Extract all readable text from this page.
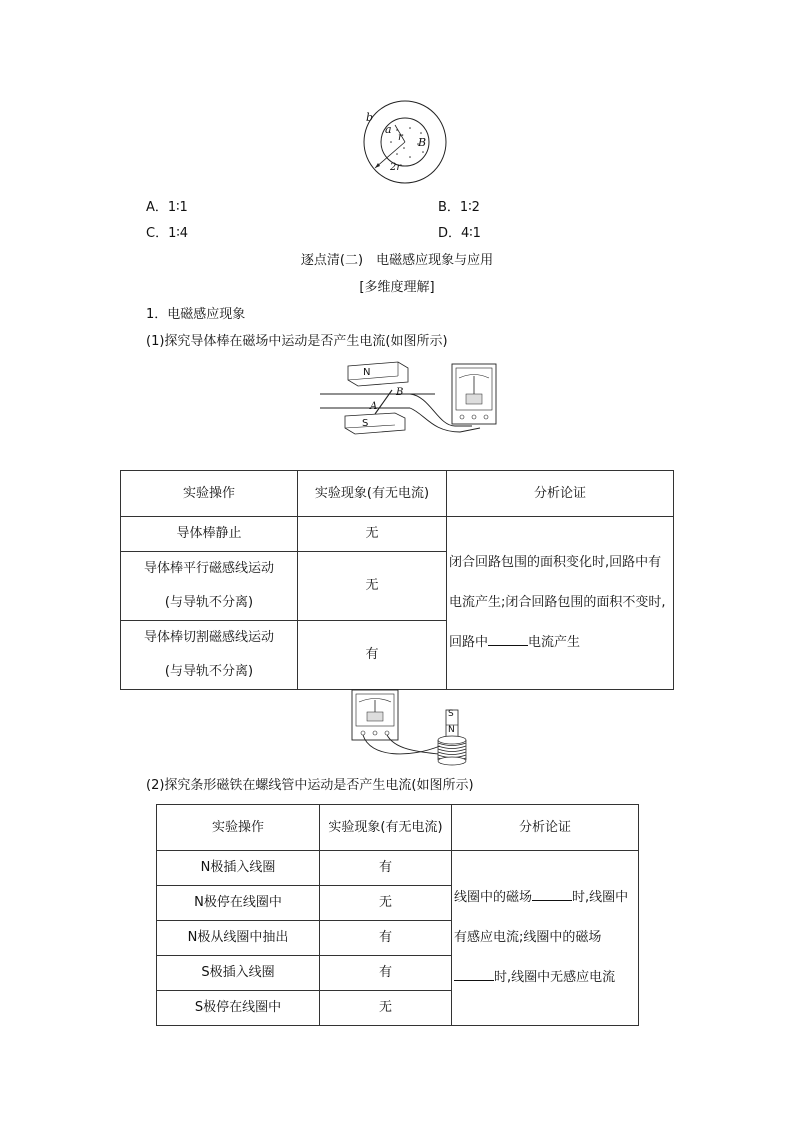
b
a
r B
2r
A．1∶1	B．1∶2
C．1∶4	D．4∶1
逐点清(二)　电磁感应现象与应用
[多维度理解]
1．电磁感应现象
(1)探究导体棒在磁场中运动是否产生电流(如图所示)
N
S
A
B
实验操作	实验现象(有无电流)	分析论证
导体棒静止	无	闭合回路包围的面积变化时,回路中有电流产生;闭合回路包围的面积不变时,回路中 电流产生

导体棒平行磁感线运动
(与导轨不分离)	无	

导体棒切割磁感线运动
(与导轨不分离)	有	
S
N
(2)探究条形磁铁在螺线管中运动是否产生电流(如图所示)
实验操作	实验现象(有无电流)	分析论证
N极插入线圈	有	线圈中的磁场 时,线圈中有感应电流;线圈中的磁场时,线圈中无感应电流
N极停在线圈中	无	
N极从线圈中抽出	有	
S极插入线圈	有	
S极停在线圈中	无	
